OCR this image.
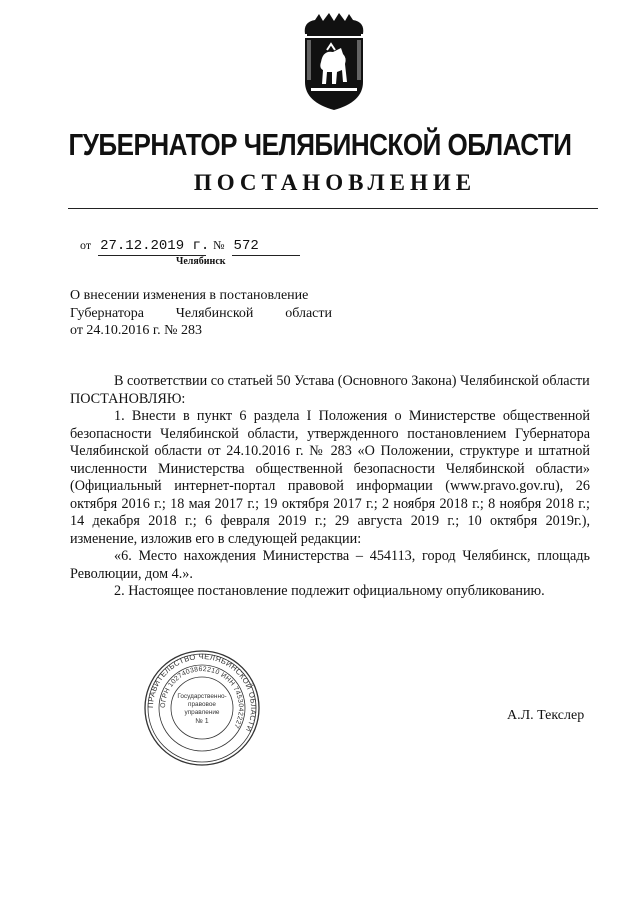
ГУБЕРНАТОР ЧЕЛЯБИНСКОЙ ОБЛАСТИ
ПОСТАНОВЛЕНИЕ
от 27.12.2019 г. № 572
Челябинск
О внесении изменения в постановление
Губернатора Челябинской области
от 24.10.2016 г. № 283
В соответствии со статьей 50 Устава (Основного Закона) Челябинской области
ПОСТАНОВЛЯЮ:
1. Внести в пункт 6 раздела I Положения о Министерстве общественной безопасности Челябинской области, утвержденного постановлением Губернатора Челябинской области от 24.10.2016 г. № 283 «О Положении, структуре и штатной численности Министерства общественной безопасности Челябинской области» (Официальный интернет-портал правовой информации (www.pravo.gov.ru), 26 октября 2016 г.; 18 мая 2017 г.; 19 октября 2017 г.; 2 ноября 2018 г.; 8 ноября 2018 г.; 14 декабря 2018 г.; 6 февраля 2019 г.; 29 августа 2019 г.; 10 октября 2019г.), изменение, изложив его в следующей редакции:
«6. Место нахождения Министерства – 454113, город Челябинск, площадь Революции, дом 4.».
2. Настоящее постановление подлежит официальному опубликованию.
ПРАВИТЕЛЬСТВО ЧЕЛЯБИНСКОЙ ОБЛАСТИ
ОГРН 1027403862210 ИНН 7453042227
Государственно-
правовое
управление
№ 1	А.Л. Текслер
